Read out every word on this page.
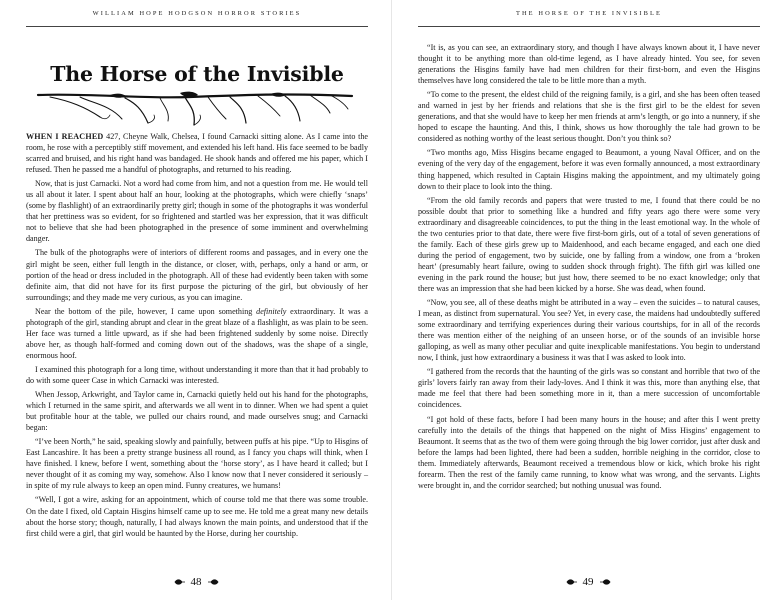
WILLIAM HOPE HODGSON HORROR STORIES
The Horse of the Invisible

WHEN I REACHED 427, Cheyne Walk, Chelsea, I found Carnacki sitting alone. As I came into the room, he rose with a perceptibly stiff movement, and extended his left hand. His face seemed to be badly scarred and bruised, and his right hand was bandaged. He shook hands and offered me his paper, which I refused. Then he passed me a handful of photographs, and returned to his reading.

Now, that is just Carnacki. Not a word had come from him, and not a question from me. He would tell us all about it later. I spent about half an hour, looking at the photographs, which were chiefly ‘snaps’ (some by flashlight) of an extraordinarily pretty girl; though in some of the photographs it was wonderful that her prettiness was so evident, for so frightened and startled was her expression, that it was difficult not to believe that she had been photographed in the presence of some imminent and overwhelming danger.

The bulk of the photographs were of interiors of different rooms and passages, and in every one the girl might be seen, either full length in the distance, or closer, with, perhaps, only a hand or arm, or portion of the head or dress included in the photograph. All of these had evidently been taken with some definite aim, that did not have for its first purpose the picturing of the girl, but obviously of her surroundings; and they made me very curious, as you can imagine.

Near the bottom of the pile, however, I came upon something definitely extraordinary. It was a photograph of the girl, standing abrupt and clear in the great blaze of a flashlight, as was plain to be seen. Her face was turned a little upward, as if she had been frightened suddenly by some noise. Directly above her, as though half-formed and coming down out of the shadows, was the shape of a single, enormous hoof.

I examined this photograph for a long time, without understanding it more than that it had probably to do with some queer Case in which Carnacki was interested.

When Jessop, Arkwright, and Taylor came in, Carnacki quietly held out his hand for the photographs, which I returned in the same spirit, and afterwards we all went in to dinner. When we had spent a quiet but profitable hour at the table, we pulled our chairs round, and made ourselves snug; and Carnacki began:

“I’ve been North,” he said, speaking slowly and painfully, between puffs at his pipe. “Up to Hisgins of East Lancashire. It has been a pretty strange business all round, as I fancy you chaps will think, when I have finished. I knew, before I went, something about the ‘horse story’, as I have heard it called; but I never thought of it as coming my way, somehow. Also I know now that I never considered it seriously – in spite of my rule always to keep an open mind. Funny creatures, we humans!

“Well, I got a wire, asking for an appointment, which of course told me that there was some trouble. On the date I fixed, old Captain Hisgins himself came up to see me. He told me a great many new details about the horse story; though, naturally, I had always known the main points, and understood that if the first child were a girl, that girl would be haunted by the Horse, during her courtship.

48
THE HORSE OF THE INVISIBLE

“It is, as you can see, an extraordinary story, and though I have always known about it, I have never thought it to be anything more than old-time legend, as I have already hinted. You see, for seven generations the Hisgins family have had men children for their first-born, and even the Hisgins themselves have long considered the tale to be little more than a myth.

“To come to the present, the eldest child of the reigning family, is a girl, and she has been often teased and warned in jest by her friends and relations that she is the first girl to be the eldest for seven generations, and that she would have to keep her men friends at arm’s length, or go into a nunnery, if she hoped to escape the haunting. And this, I think, shows us how thoroughly the tale had grown to be considered as nothing worthy of the least serious thought. Don’t you think so?

“Two months ago, Miss Hisgins became engaged to Beaumont, a young Naval Officer, and on the evening of the very day of the engagement, before it was even formally announced, a most extraordinary thing happened, which resulted in Captain Hisgins making the appointment, and my ultimately going down to their place to look into the thing.

“From the old family records and papers that were trusted to me, I found that there could be no possible doubt that prior to something like a hundred and fifty years ago there were some very extraordinary and disagreeable coincidences, to put the thing in the least emotional way. In the whole of the two centuries prior to that date, there were five first-born girls, out of a total of seven generations of the family. Each of these girls grew up to Maidenhood, and each became engaged, and each one died during the period of engagement, two by suicide, one by falling from a window, one from a ‘broken heart’ (presumably heart failure, owing to sudden shock through fright). The fifth girl was killed one evening in the park round the house; but just how, there seemed to be no exact knowledge; only that there was an impression that she had been kicked by a horse. She was dead, when found.

“Now, you see, all of these deaths might be attributed in a way – even the suicides – to natural causes, I mean, as distinct from supernatural. You see? Yet, in every case, the maidens had undoubtedly suffered some extraordinary and terrifying experiences during their various courtships, for in all of the records there was mention either of the neighing of an unseen horse, or of the sounds of an invisible horse galloping, as well as many other peculiar and quite inexplicable manifestations. You begin to understand now, I think, just how extraordinary a business it was that I was asked to look into.

“I gathered from the records that the haunting of the girls was so constant and horrible that two of the girls’ lovers fairly ran away from their lady-loves. And I think it was this, more than anything else, that made me feel that there had been something more in it, than a mere succession of uncomfortable coincidences.

“I got hold of these facts, before I had been many hours in the house; and after this I went pretty carefully into the details of the things that happened on the night of Miss Hisgins’ engagement to Beaumont. It seems that as the two of them were going through the big lower corridor, just after dusk and before the lamps had been lighted, there had been a sudden, horrible neighing in the corridor, close to them. Immediately afterwards, Beaumont received a tremendous blow or kick, which broke his right forearm. Then the rest of the family came running, to know what was wrong, and the servants. Lights were brought in, and the corridor searched; but nothing unusual was found.

49
